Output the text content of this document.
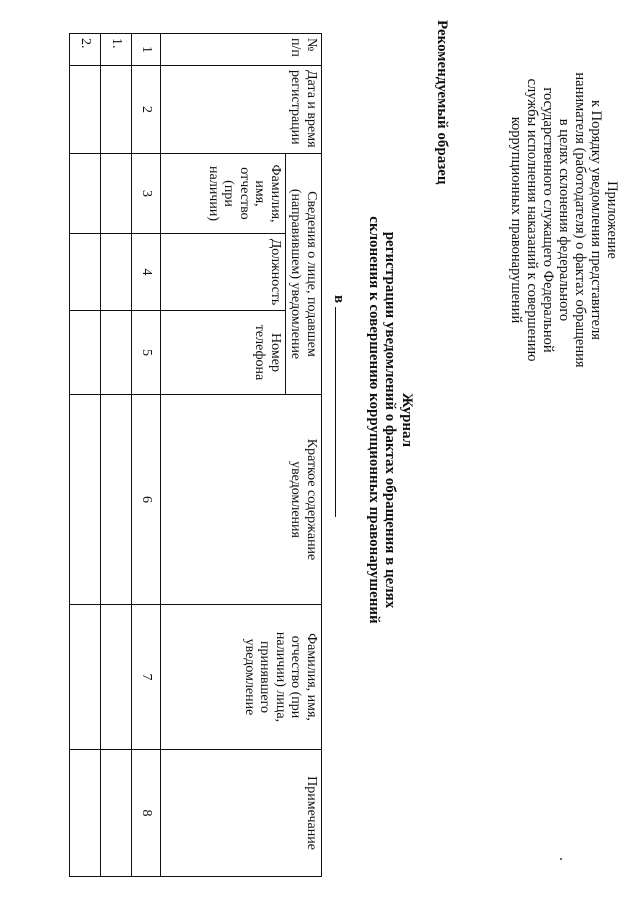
Приложение
к Порядку уведомления представителя
нанимателя (работодателя) о фактах обращения
в целях склонения федерального
государственного служащего Федеральной
службы исполнения наказаний к совершению
коррупционных правонарушений
Рекомендуемый образец
Журнал
регистрации уведомлений о фактах обращения в целях
склонения к совершению коррупционных правонарушений
в
№ п/п	Дата и время регистрации	Сведения о лице, подавшем (направившем) уведомление			Краткое содержание уведомления	Фамилия, имя, отчество (при наличии) лица, принявшего уведомление	Примечание
		Фамилия, имя, отчество (при наличии)	Должность	Номер телефона			
1	2	3	4	5	6	7	8
1.							
2.							
